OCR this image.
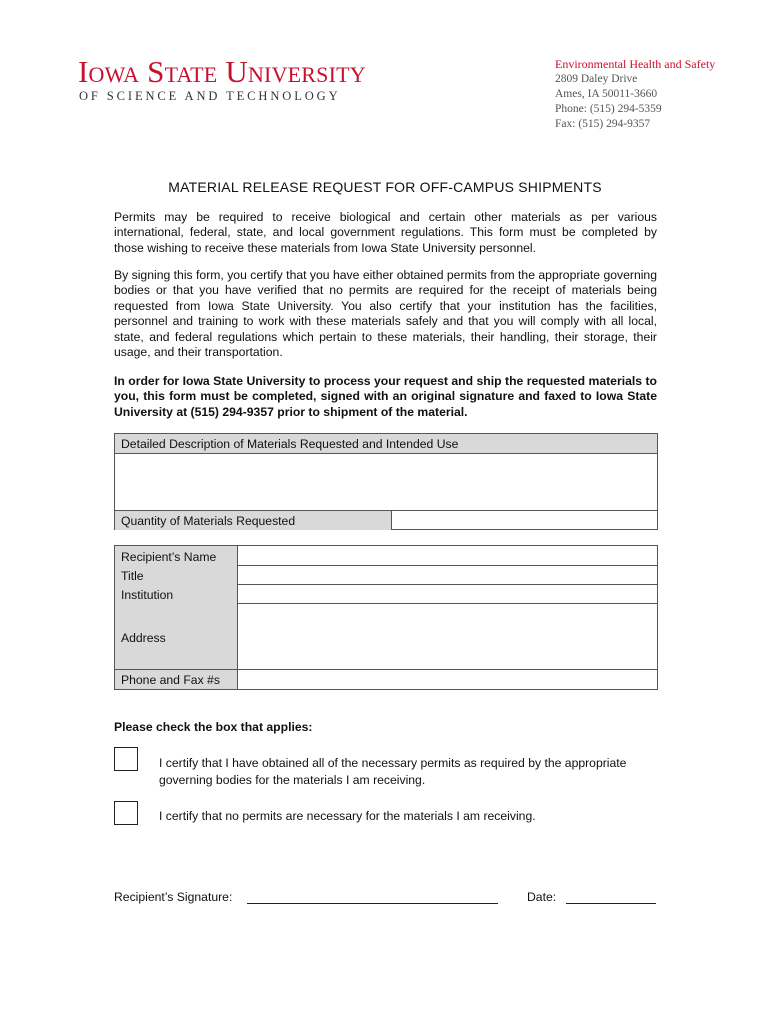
Iowa State University
OF SCIENCE AND TECHNOLOGY
Environmental Health and Safety
2809 Daley Drive
Ames, IA 50011-3660
Phone: (515) 294-5359
Fax: (515) 294-9357
MATERIAL RELEASE REQUEST FOR OFF-CAMPUS SHIPMENTS
Permits may be required to receive biological and certain other materials as per various international, federal, state, and local government regulations. This form must be completed by those wishing to receive these materials from Iowa State University personnel.
By signing this form, you certify that you have either obtained permits from the appropriate governing bodies or that you have verified that no permits are required for the receipt of materials being requested from Iowa State University. You also certify that your institution has the facilities, personnel and training to work with these materials safely and that you will comply with all local, state, and federal regulations which pertain to these materials, their handling, their storage, their usage, and their transportation.
In order for Iowa State University to process your request and ship the requested materials to you, this form must be completed, signed with an original signature and faxed to Iowa State University at (515) 294-9357 prior to shipment of the material.
Detailed Description of Materials Requested and Intended Use
Quantity of Materials Requested
Recipient’s Name
Title
Institution
Address
Phone and Fax #s
Please check the box that applies:
I certify that I have obtained all of the necessary permits as required by the appropriate governing bodies for the materials I am receiving.
I certify that no permits are necessary for the materials I am receiving.
Recipient’s Signature:	Date:
